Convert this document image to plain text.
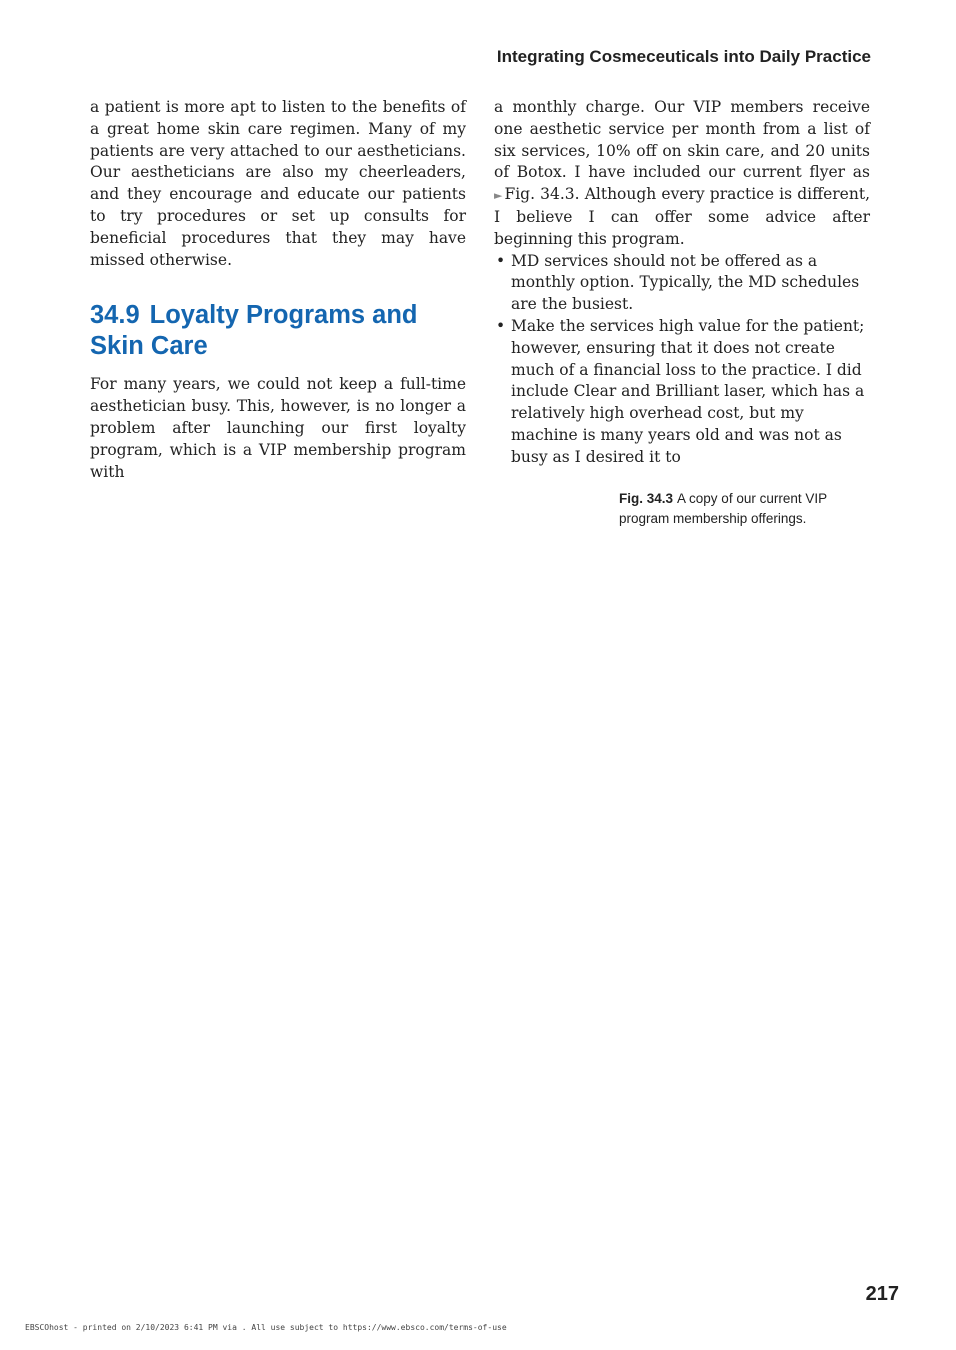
Integrating Cosmeceuticals into Daily Practice

a patient is more apt to listen to the benefits of a great home skin care regimen. Many of my patients are very attached to our aestheticians. Our aestheticians are also my cheerleaders, and they encourage and educate our patients to try procedures or set up consults for beneficial procedures that they may have missed otherwise.

34.9 Loyalty Programs and Skin Care

For many years, we could not keep a full-time aesthetician busy. This, however, is no longer a problem after launching our first loyalty program, which is a VIP membership program with

a monthly charge. Our VIP members receive one aesthetic service per month from a list of six services, 10% off on skin care, and 20 units of Botox. I have included our current flyer as ► Fig. 34.3. Although every practice is different, I believe I can offer some advice after beginning this program.

• MD services should not be offered as a monthly option. Typically, the MD schedules are the busiest.
• Make the services high value for the patient; however, ensuring that it does not create much of a financial loss to the practice. I did include Clear and Brilliant laser, which has a relatively high overhead cost, but my machine is many years old and was not as busy as I desired it to
Fig. 34.3 A copy of our current VIP program membership offerings.
217
EBSCOhost - printed on 2/10/2023 6:41 PM via . All use subject to https://www.ebsco.com/terms-of-use
